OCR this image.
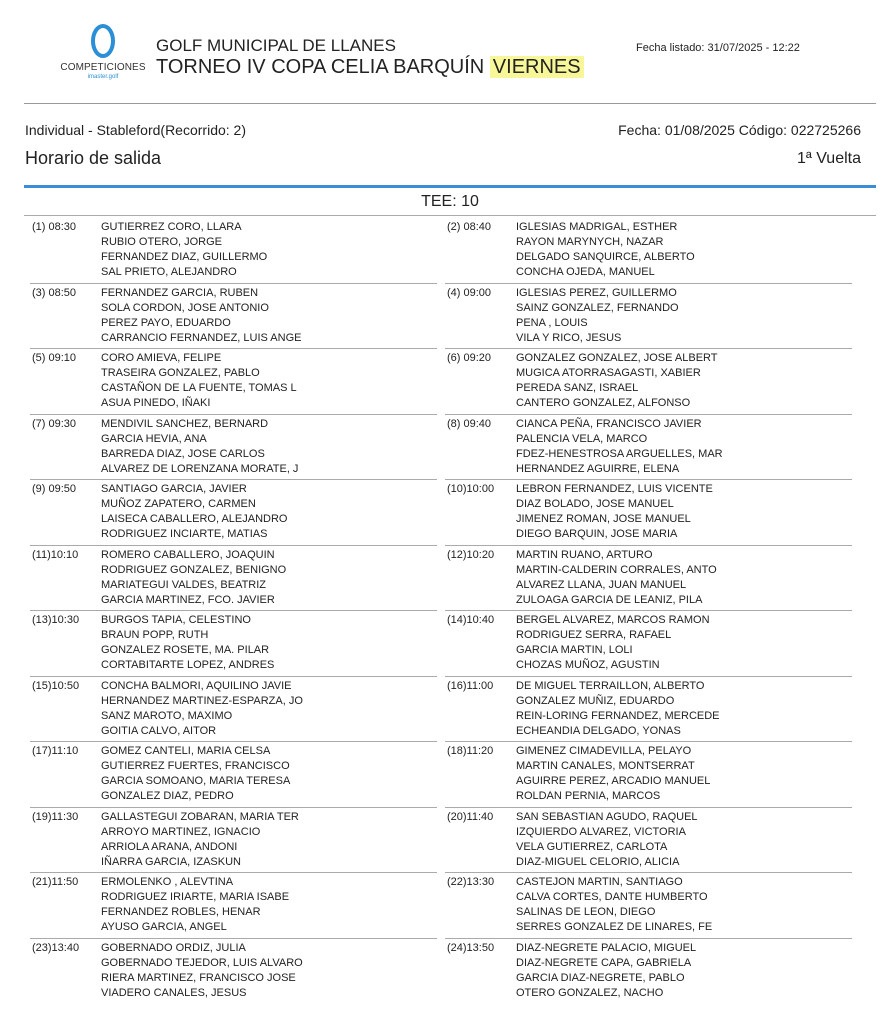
COMPETICIONES
imaster.golf
GOLF MUNICIPAL DE LLANES
TORNEO IV COPA CELIA BARQUÍN VIERNES
Fecha listado: 31/07/2025 - 12:22
Individual - Stableford(Recorrido: 2)	Fecha: 01/08/2025 Código: 022725266
Horario de salida	1ª Vuelta
TEE: 10
(1) 08:30 GUTIERREZ CORO, LLARA
RUBIO OTERO, JORGE
FERNANDEZ DIAZ, GUILLERMO
SAL PRIETO, ALEJANDRO
(2) 08:40 IGLESIAS MADRIGAL, ESTHER
RAYON MARYNYCH, NAZAR
DELGADO SANQUIRCE, ALBERTO
CONCHA OJEDA, MANUEL
(3) 08:50 FERNANDEZ GARCIA, RUBEN
SOLA CORDON, JOSE ANTONIO
PEREZ PAYO, EDUARDO
CARRANCIO FERNANDEZ, LUIS ANGE
(4) 09:00 IGLESIAS PEREZ, GUILLERMO
SAINZ GONZALEZ, FERNANDO
PENA , LOUIS
VILA Y RICO, JESUS
(5) 09:10 CORO AMIEVA, FELIPE
TRASEIRA GONZALEZ, PABLO
CASTAÑON DE LA FUENTE, TOMAS L
ASUA PINEDO, IÑAKI
(6) 09:20 GONZALEZ GONZALEZ, JOSE ALBERT
MUGICA ATORRASAGASTI, XABIER
PEREDA SANZ, ISRAEL
CANTERO GONZALEZ, ALFONSO
(7) 09:30 MENDIVIL SANCHEZ, BERNARD
GARCIA HEVIA, ANA
BARREDA DIAZ, JOSE CARLOS
ALVAREZ DE LORENZANA MORATE, J
(8) 09:40 CIANCA PEÑA, FRANCISCO JAVIER
PALENCIA VELA, MARCO
FDEZ-HENESTROSA ARGUELLES, MAR
HERNANDEZ AGUIRRE, ELENA
(9) 09:50 SANTIAGO GARCIA, JAVIER
MUÑOZ ZAPATERO, CARMEN
LAISECA CABALLERO, ALEJANDRO
RODRIGUEZ INCIARTE, MATIAS
(10)10:00 LEBRON FERNANDEZ, LUIS VICENTE
DIAZ BOLADO, JOSE MANUEL
JIMENEZ ROMAN, JOSE MANUEL
DIEGO BARQUIN, JOSE MARIA
(11)10:10 ROMERO CABALLERO, JOAQUIN
RODRIGUEZ GONZALEZ, BENIGNO
MARIATEGUI VALDES, BEATRIZ
GARCIA MARTINEZ, FCO. JAVIER
(12)10:20 MARTIN RUANO, ARTURO
MARTIN-CALDERIN CORRALES, ANTO
ALVAREZ LLANA, JUAN MANUEL
ZULOAGA GARCIA DE LEANIZ, PILA
(13)10:30 BURGOS TAPIA, CELESTINO
BRAUN POPP, RUTH
GONZALEZ ROSETE, MA. PILAR
CORTABITARTE LOPEZ, ANDRES
(14)10:40 BERGEL ALVAREZ, MARCOS RAMON
RODRIGUEZ SERRA, RAFAEL
GARCIA MARTIN, LOLI
CHOZAS MUÑOZ, AGUSTIN
(15)10:50 CONCHA BALMORI, AQUILINO JAVIE
HERNANDEZ MARTINEZ-ESPARZA, JO
SANZ MAROTO, MAXIMO
GOITIA CALVO, AITOR
(16)11:00 DE MIGUEL TERRAILLON, ALBERTO
GONZALEZ MUÑIZ, EDUARDO
REIN-LORING FERNANDEZ, MERCEDE
ECHEANDIA DELGADO, YONAS
(17)11:10 GOMEZ CANTELI, MARIA CELSA
GUTIERREZ FUERTES, FRANCISCO
GARCIA SOMOANO, MARIA TERESA
GONZALEZ DIAZ, PEDRO
(18)11:20 GIMENEZ CIMADEVILLA, PELAYO
MARTIN CANALES, MONTSERRAT
AGUIRRE PEREZ, ARCADIO MANUEL
ROLDAN PERNIA, MARCOS
(19)11:30 GALLASTEGUI ZOBARAN, MARIA TER
ARROYO MARTINEZ, IGNACIO
ARRIOLA ARANA, ANDONI
IÑARRA GARCIA, IZASKUN
(20)11:40 SAN SEBASTIAN AGUDO, RAQUEL
IZQUIERDO ALVAREZ, VICTORIA
VELA GUTIERREZ, CARLOTA
DIAZ-MIGUEL CELORIO, ALICIA
(21)11:50 ERMOLENKO , ALEVTINA
RODRIGUEZ IRIARTE, MARIA ISABE
FERNANDEZ ROBLES, HENAR
AYUSO GARCIA, ANGEL
(22)13:30 CASTEJON MARTIN, SANTIAGO
CALVA CORTES, DANTE HUMBERTO
SALINAS DE LEON, DIEGO
SERRES GONZALEZ DE LINARES, FE
(23)13:40 GOBERNADO ORDIZ, JULIA
GOBERNADO TEJEDOR, LUIS ALVARO
RIERA MARTINEZ, FRANCISCO JOSE
VIADERO CANALES, JESUS
(24)13:50 DIAZ-NEGRETE PALACIO, MIGUEL
DIAZ-NEGRETE CAPA, GABRIELA
GARCIA DIAZ-NEGRETE, PABLO
OTERO GONZALEZ, NACHO
